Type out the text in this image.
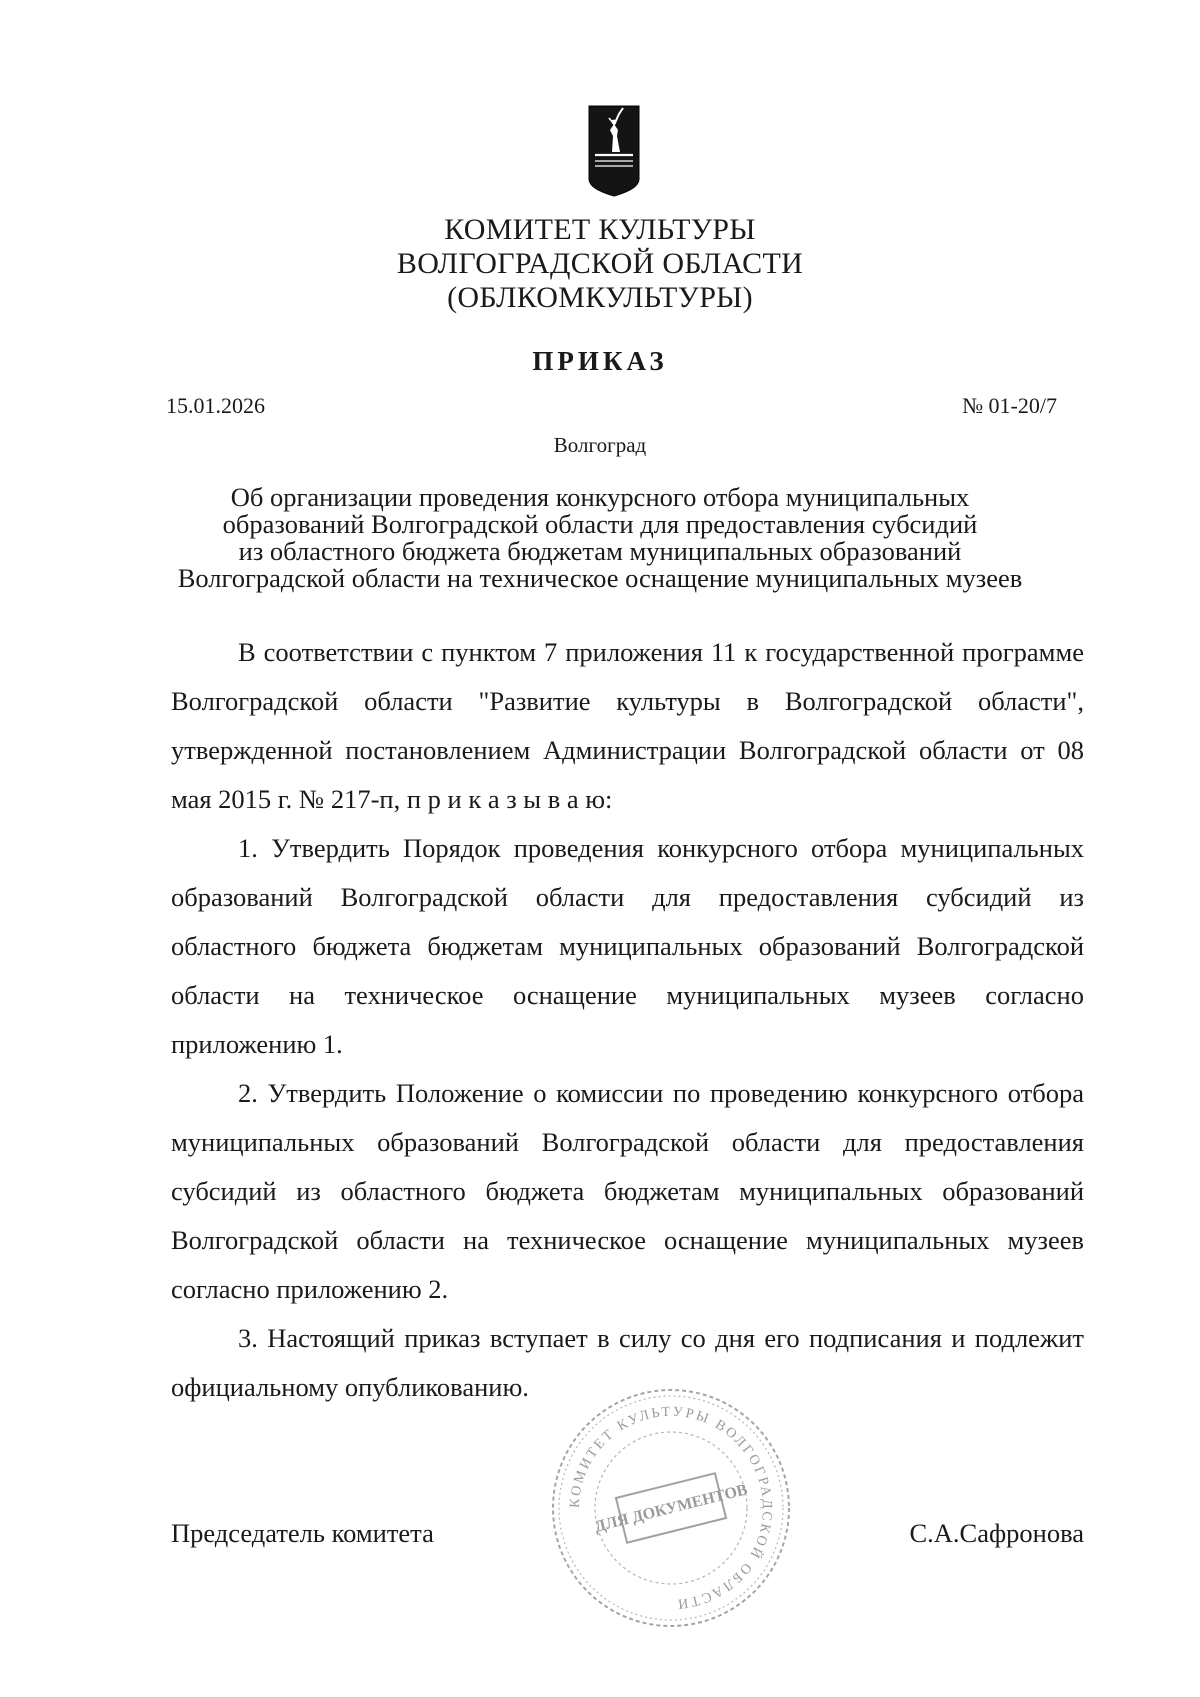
КОМИТЕТ КУЛЬТУРЫ
ВОЛГОГРАДСКОЙ ОБЛАСТИ
(ОБЛКОМКУЛЬТУРЫ)
ПРИКАЗ
15.01.2026	№ 01-20/7
Волгоград
Об организации проведения конкурсного отбора муниципальных
образований Волгоградской области для предоставления субсидий
из областного бюджета бюджетам муниципальных образований
Волгоградской области на техническое оснащение муниципальных музеев

В соответствии с пунктом 7 приложения 11 к государственной программе Волгоградской области "Развитие культуры в Волгоградской области", утвержденной постановлением Администрации Волгоградской области от 08 мая 2015 г. № 217-п, п р и к а з ы в а ю:

1. Утвердить Порядок проведения конкурсного отбора муниципальных образований Волгоградской области для предоставления субсидий из областного бюджета бюджетам муниципальных образований Волгоградской области на техническое оснащение муниципальных музеев согласно приложению 1.

2. Утвердить Положение о комиссии по проведению конкурсного отбора муниципальных образований Волгоградской области для предоставления субсидий из областного бюджета бюджетам муниципальных образований Волгоградской области на техническое оснащение муниципальных музеев согласно приложению 2.

3. Настоящий приказ вступает в силу со дня его подписания и подлежит официальному опубликованию.

Председатель комитета
КОМИТЕТ КУЛЬТУРЫ ВОЛГОГРАДСКОЙ ОБЛАСТИ
ДЛЯ ДОКУМЕНТОВ	С.А.Сафронова
